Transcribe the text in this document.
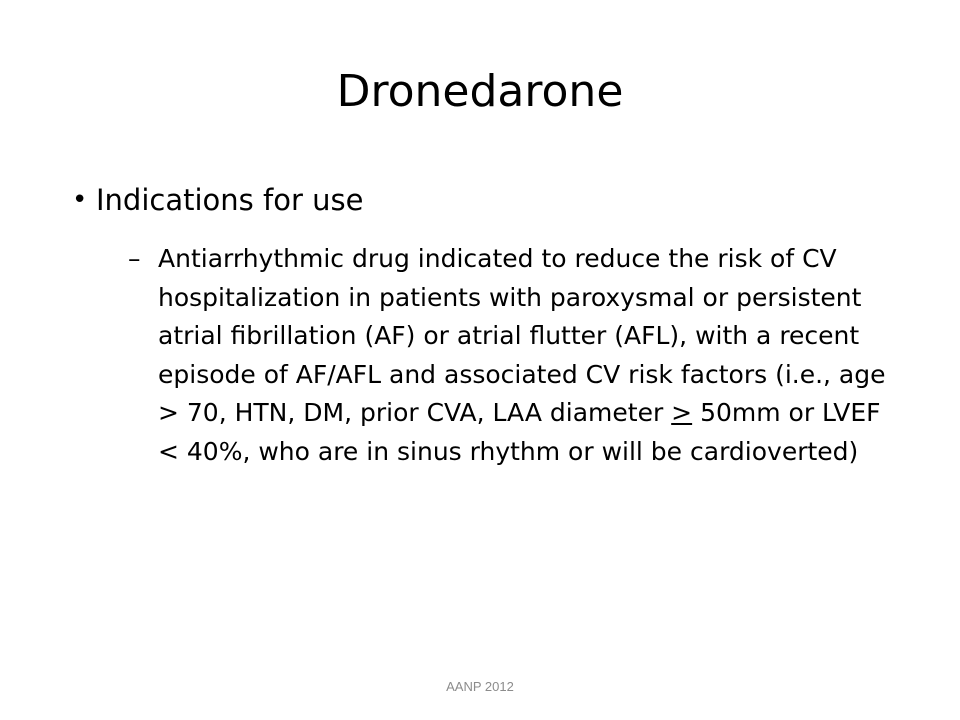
Dronedarone
• Indications for use
– Antiarrhythmic drug indicated to reduce the risk of CV hospitalization in patients with paroxysmal or persistent atrial fibrillation (AF) or atrial flutter (AFL), with a recent episode of AF/AFL and associated CV risk factors (i.e., age > 70, HTN, DM, prior CVA, LAA diameter ≥ 50mm or LVEF < 40%, who are in sinus rhythm or will be cardioverted)
AANP 2012
